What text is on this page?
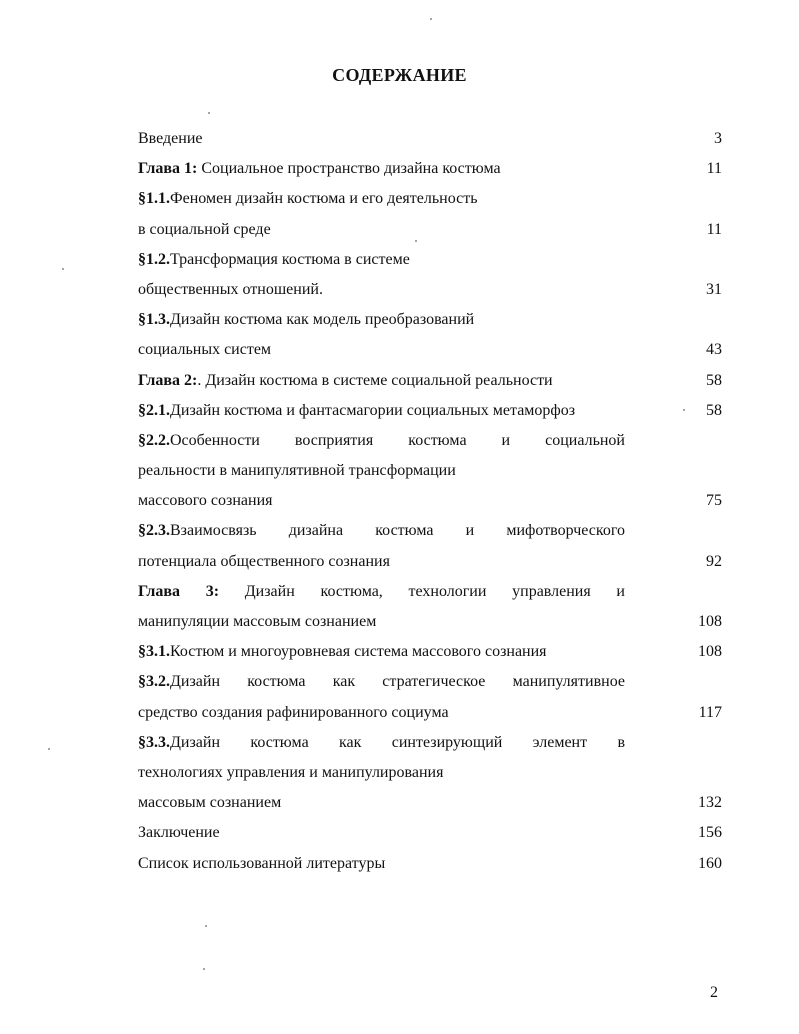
СОДЕРЖАНИЕ
Введение	3
Глава 1: Социальное пространство дизайна костюма	11
§1.1.Феномен дизайн костюма и его деятельность
в социальной среде	11
§1.2.Трансформация костюма в системе
общественных отношений.	31
§1.3.Дизайн костюма как модель преобразований
социальных систем	43
Глава 2:. Дизайн костюма в системе социальной реальности	58
§2.1.Дизайн костюма и фантасмагории социальных метаморфоз	58
§2.2.Особенности восприятия костюма и социальной
реальности в манипулятивной трансформации
массового сознания	75
§2.3.Взаимосвязь дизайна костюма и мифотворческого
потенциала общественного сознания	92
Глава 3: Дизайн костюма, технологии управления и
манипуляции массовым сознанием	108
§3.1.Костюм и многоуровневая система массового сознания	108
§3.2.Дизайн костюма как стратегическое манипулятивное
средство создания рафинированного социума	117
§3.3.Дизайн костюма как синтезирующий элемент в
технологиях управления и манипулирования
массовым сознанием	132
Заключение	156
Список использованной литературы	160
2
